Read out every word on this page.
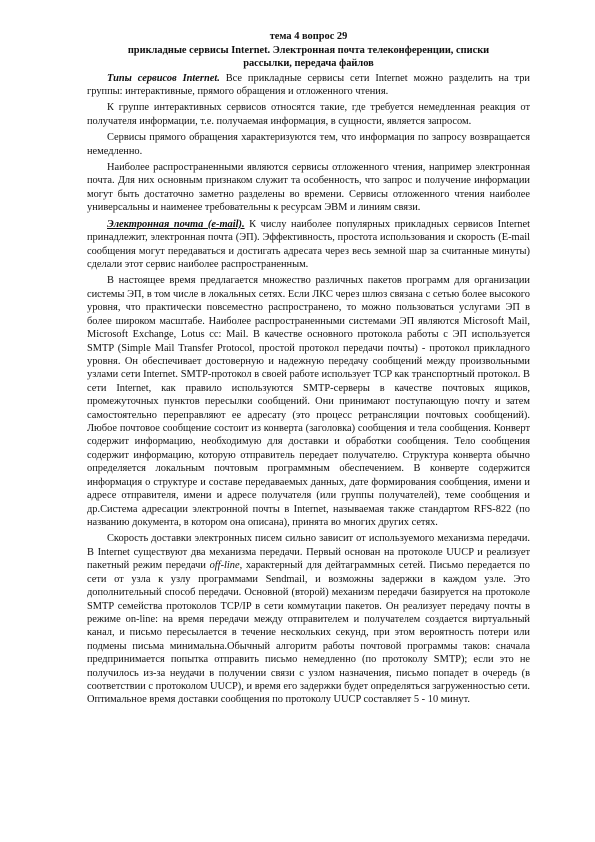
тема 4 вопрос 29
прикладные сервисы Internet. Электронная почта телеконференции, списки
рассылки, передача файлов

Типы сервисов Internet. Все прикладные сервисы сети Internet можно разделить на три группы: интерактивные, прямого обращения и отложенного чтения.

К группе интерактивных сервисов относятся такие, где требуется немедленная реакция от получателя информации, т.е. получаемая информация, в сущности, является запросом.

Сервисы прямого обращения характеризуются тем, что информация по запросу возвращается немедленно.

Наиболее распространенными являются сервисы отложенного чтения, например электронная почта. Для них основным признаком служит та особенность, что запрос и получение информации могут быть достаточно заметно разделены во времени. Сервисы отложенного чтения наиболее универсальны и наименее требовательны к ресурсам ЭВМ и линиям связи.

Электронная почта (e-mail). К числу наиболее популярных прикладных сервисов Internet принадлежит, электронная почта (ЭП). Эффективность, простота использования и скорость (E-mail сообщения могут передаваться и достигать адресата через весь земной шар за считанные минуты) сделали этот сервис наиболее распространенным.

В настоящее время предлагается множество различных пакетов программ для организации системы ЭП, в том числе в локальных сетях. Если ЛКС через шлюз связана с сетью более высокого уровня, что практически повсеместно распространено, то можно пользоваться услугами ЭП в более широком масштабе. Наиболее распространенными системами ЭП являются Microsoft Mail, Microsoft Exchange, Lotus cc: Mail. В качестве основного протокола работы с ЭП используется SMTP (Simple Mail Transfer Protocol, простой протокол передачи почты) - протокол прикладного уровня. Он обеспечивает достоверную и надежную передачу сообщений между произвольными узлами сети Internet. SMTP-протокол в своей работе использует TCP как транспортный протокол. В сети Internet, как правило используются SMTP-серверы в качестве почтовых ящиков, промежуточных пунктов пересылки сообщений. Они принимают поступающую почту и затем самостоятельно переправляют ее адресату (это процесс ретрансляции почтовых сообщений). Любое почтовое сообщение состоит из конверта (заголовка) сообщения и тела сообщения. Конверт содержит информацию, необходимую для доставки и обработки сообщения. Тело сообщения содержит информацию, которую отправитель передает получателю. Структура конверта обычно определяется локальным почтовым программным обеспечением. В конверте содержится информация о структуре и составе передаваемых данных, дате формирования сообщения, имени и адресе отправителя, имени и адресе получателя (или группы получателей), теме сообщения и др.Система адресации электронной почты в Internet, называемая также стандартом RFS-822 (по названию документа, в котором она описана), принята во многих других сетях.

Скорость доставки электронных писем сильно зависит от используемого механизма передачи. В Internet существуют два механизма передачи. Первый основан на протоколе UUCP и реализует пакетный режим передачи off-line, характерный для дейтаграммных сетей. Письмо передается по сети от узла к узлу программами Sendmail, и возможны задержки в каждом узле. Это дополнительный способ передачи. Основной (второй) механизм передачи базируется на протоколе SMTP семейства протоколов TCP/IP в сети коммутации пакетов. Он реализует передачу почты в режиме on-line: на время передачи между отправителем и получателем создается виртуальный канал, и письмо пересылается в течение нескольких секунд, при этом вероятность потери или подмены письма минимальна.Обычный алгоритм работы почтовой программы таков: сначала предпринимается попытка отправить письмо немедленно (по протоколу SMTP); если это не получилось из-за неудачи в получении связи с узлом назначения, письмо попадет в очередь (в соответствии с протоколом UUCP), и время его задержки будет определяться загруженностью сети. Оптимальное время доставки сообщения по протоколу UUCP составляет 5 - 10 минут.
